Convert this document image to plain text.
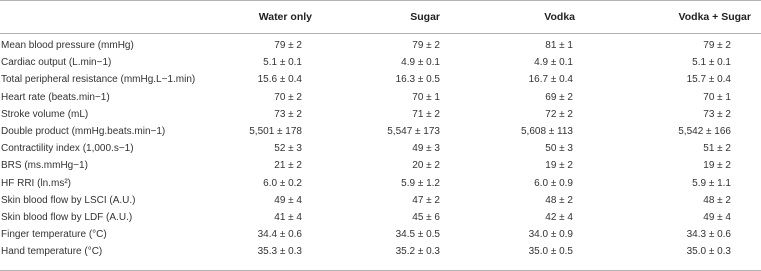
	Water only	Sugar	Vodka	Vodka + Sugar

Mean blood pressure (mmHg)	79 ± 2	79 ± 2	81 ± 1	79 ± 2
Cardiac output (L.min−1)	5.1 ± 0.1	4.9 ± 0.1	4.9 ± 0.1	5.1 ± 0.1
Total peripheral resistance (mmHg.L−1.min)	15.6 ± 0.4	16.3 ± 0.5	16.7 ± 0.4	15.7 ± 0.4
Heart rate (beats.min−1)	70 ± 2	70 ± 1	69 ± 2	70 ± 1
Stroke volume (mL)	73 ± 2	71 ± 2	72 ± 2	73 ± 2
Double product (mmHg.beats.min−1)	5,501 ± 178	5,547 ± 173	5,608 ± 113	5,542 ± 166
Contractility index (1,000.s−1)	52 ± 3	49 ± 3	50 ± 3	51 ± 2
BRS (ms.mmHg−1)	21 ± 2	20 ± 2	19 ± 2	19 ± 2
HF RRI (ln.ms²)	6.0 ± 0.2	5.9 ± 1.2	6.0 ± 0.9	5.9 ± 1.1
Skin blood flow by LSCI (A.U.)	49 ± 4	47 ± 2	48 ± 2	48 ± 2
Skin blood flow by LDF (A.U.)	41 ± 4	45 ± 6	42 ± 4	49 ± 4
Finger temperature (°C)	34.4 ± 0.6	34.5 ± 0.5	34.0 ± 0.9	34.3 ± 0.6
Hand temperature (°C)	35.3 ± 0.3	35.2 ± 0.3	35.0 ± 0.5	35.0 ± 0.3
